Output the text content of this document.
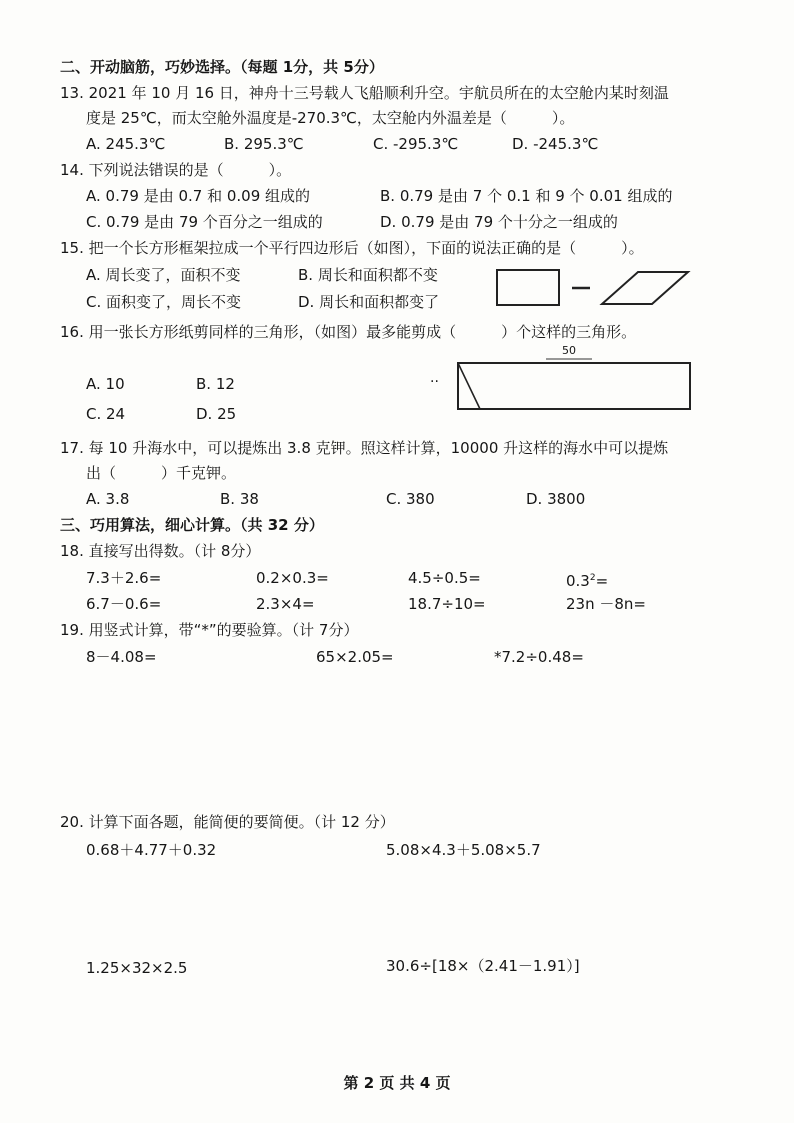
二、开动脑筋，巧妙选择。（每题 1分，共 5分）
13. 2021 年 10 月 16 日，神舟十三号载人飞船顺利升空。宇航员所在的太空舱内某时刻温
度是 25℃，而太空舱外温度是-270.3℃，太空舱内外温差是（　　　）。
A. 245.3℃	B. 295.3℃	C. -295.3℃	D. -245.3℃
14. 下列说法错误的是（　　　）。
A. 0.79 是由 0.7 和 0.09 组成的	B. 0.79 是由 7 个 0.1 和 9 个 0.01 组成的
C. 0.79 是由 79 个百分之一组成的	D. 0.79 是由 79 个十分之一组成的
15. 把一个长方形框架拉成一个平行四边形后（如图），下面的说法正确的是（　　　）。
A. 周长变了，面积不变	B. 周长和面积都不变
C. 面积变了，周长不变	D. 周长和面积都变了
16. 用一张长方形纸剪同样的三角形，（如图）最多能剪成（　　　）个这样的三角形。
A. 10	B. 12
C. 24	D. 25
50
··
17. 每 10 升海水中，可以提炼出 3.8 克钾。照这样计算，10000 升这样的海水中可以提炼
出（　　　）千克钾。
A. 3.8	B. 38	C. 380	D. 3800
三、巧用算法，细心计算。（共 32 分）
18. 直接写出得数。（计 8分）
7.3＋2.6=	0.2×0.3=	4.5÷0.5=	$0.3^2=$
6.7－0.6=	2.3×4=	18.7÷10=	23n －8n=
19. 用竖式计算，带“*”的要验算。（计 7分）
8－4.08=	65×2.05=	*7.2÷0.48=
20. 计算下面各题，能简便的要简便。（计 12 分）
0.68＋4.77＋0.32	5.08×4.3＋5.08×5.7
1.25×32×2.5	30.6÷[18×（2.41－1.91）]
第 2 页 共 4 页
